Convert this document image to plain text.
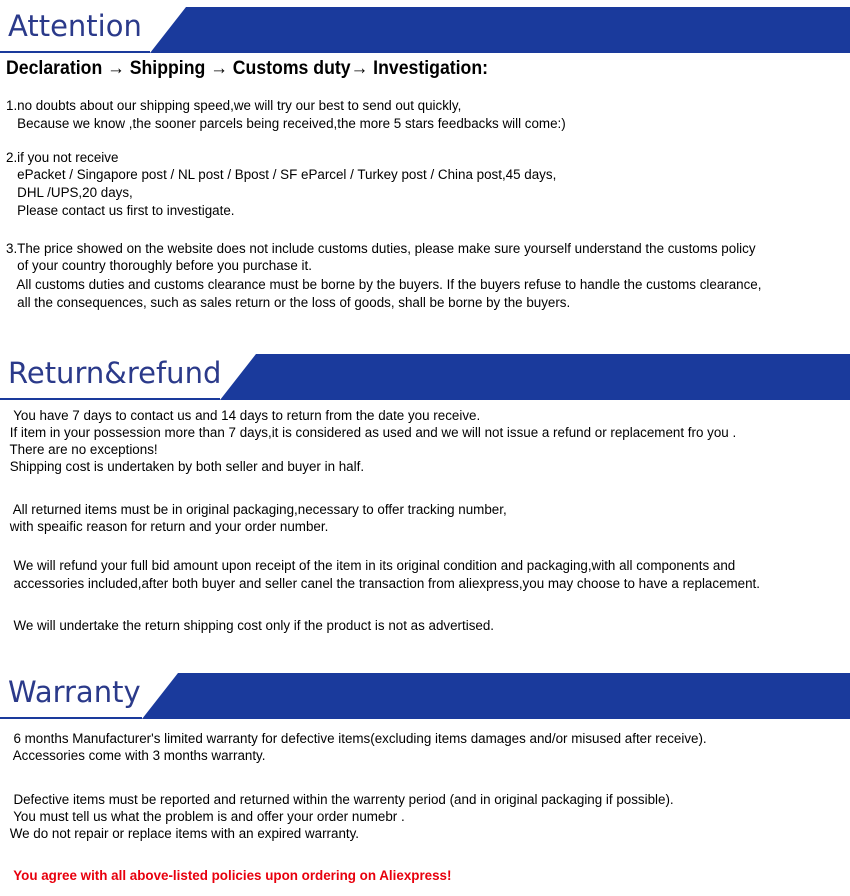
Attention
Declaration → Shipping → Customs duty→ Investigation:
1.no doubts about our shipping speed,we will try our best to send out quickly,
Because we know ,the sooner parcels being received,the more 5 stars feedbacks will come:)
2.if you not receive
ePacket / Singapore post / NL post / Bpost / SF eParcel / Turkey post / China post,45 days,
DHL /UPS,20 days,
Please contact us first to investigate.
3.The price showed on the website does not include customs duties, please make sure yourself understand the customs policy
of your country thoroughly before you purchase it.
All customs duties and customs clearance must be borne by the buyers. If the buyers refuse to handle the customs clearance,
all the consequences, such as sales return or the loss of goods, shall be borne by the buyers.
Return&refund
You have 7 days to contact us and 14 days to return from the date you receive.
If item in your possession more than 7 days,it is considered as used and we will not issue a refund or replacement fro you .
There are no exceptions!
Shipping cost is undertaken by both seller and buyer in half.
All returned items must be in original packaging,necessary to offer tracking number,
with speaific reason for return and your order number.
We will refund your full bid amount upon receipt of the item in its original condition and packaging,with all components and
accessories included,after both buyer and seller canel the transaction from aliexpress,you may choose to have a replacement.
We will undertake the return shipping cost only if the product is not as advertised.
Warranty
6 months Manufacturer's limited warranty for defective items(excluding items damages and/or misused after receive).
Accessories come with 3 months warranty.
Defective items must be reported and returned within the warrenty period (and in original packaging if possible).
You must tell us what the problem is and offer your order numebr .
We do not repair or replace items with an expired warranty.
You agree with all above-listed policies upon ordering on Aliexpress!
